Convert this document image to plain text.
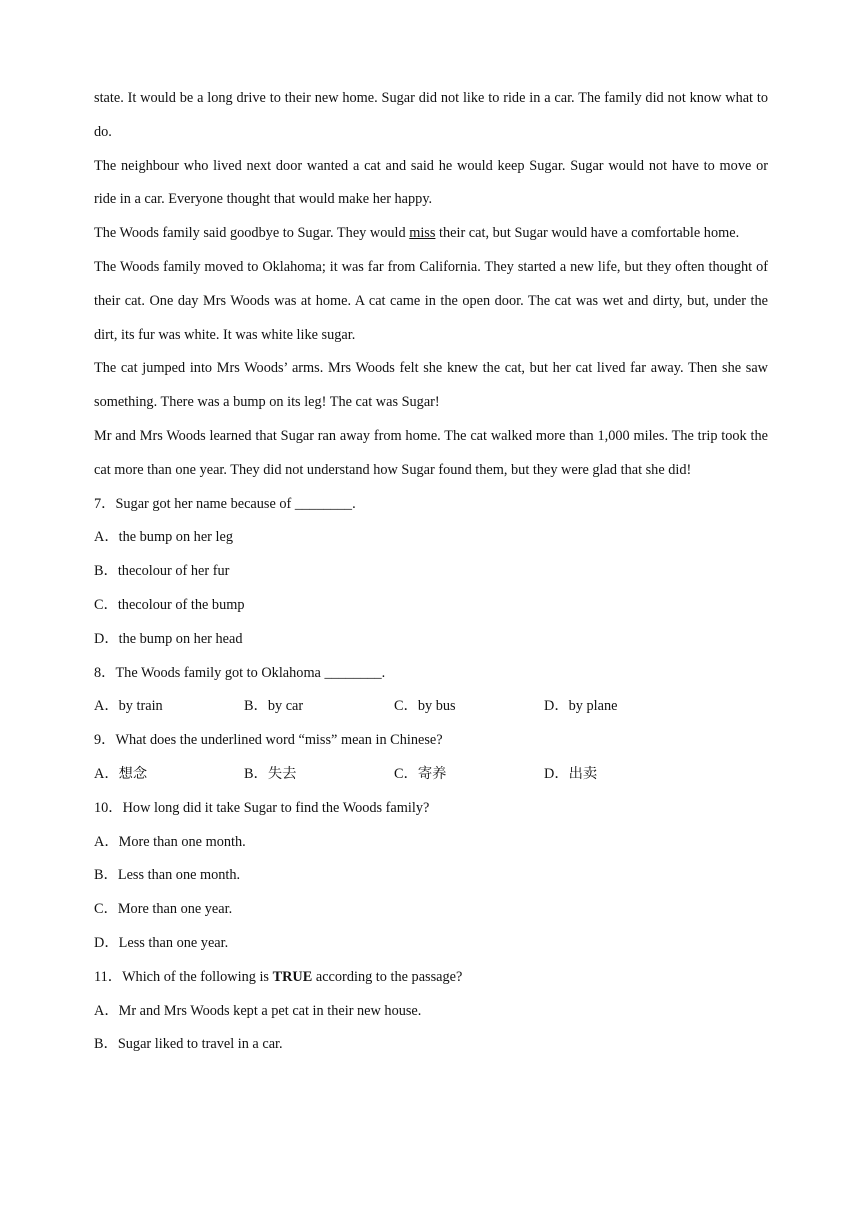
state. It would be a long drive to their new home. Sugar did not like to ride in a car. The family did not know what to do.

The neighbour who lived next door wanted a cat and said he would keep Sugar. Sugar would not have to move or ride in a car. Everyone thought that would make her happy.

The Woods family said goodbye to Sugar. They would miss their cat, but Sugar would have a comfortable home.

The Woods family moved to Oklahoma; it was far from California. They started a new life, but they often thought of their cat. One day Mrs Woods was at home. A cat came in the open door. The cat was wet and dirty, but, under the dirt, its fur was white. It was white like sugar.

The cat jumped into Mrs Woods’ arms. Mrs Woods felt she knew the cat, but her cat lived far away. Then she saw something. There was a bump on its leg! The cat was Sugar!

Mr and Mrs Woods learned that Sugar ran away from home. The cat walked more than 1,000 miles. The trip took the cat more than one year. They did not understand how Sugar found them, but they were glad that she did!

7．Sugar got her name because of ________.
A．the bump on her leg
B．thecolour of her fur
C．thecolour of the bump
D．the bump on her head
8．The Woods family got to Oklahoma ________.
A．by train	B．by car	C．by bus	D．by plane
9．What does the underlined word “miss” mean in Chinese?
A．想念	B．失去	C．寄养	D．出卖
10．How long did it take Sugar to find the Woods family?
A．More than one month.
B．Less than one month.
C．More than one year.
D．Less than one year.
11．Which of the following is TRUE according to the passage?
A．Mr and Mrs Woods kept a pet cat in their new house.
B．Sugar liked to travel in a car.
